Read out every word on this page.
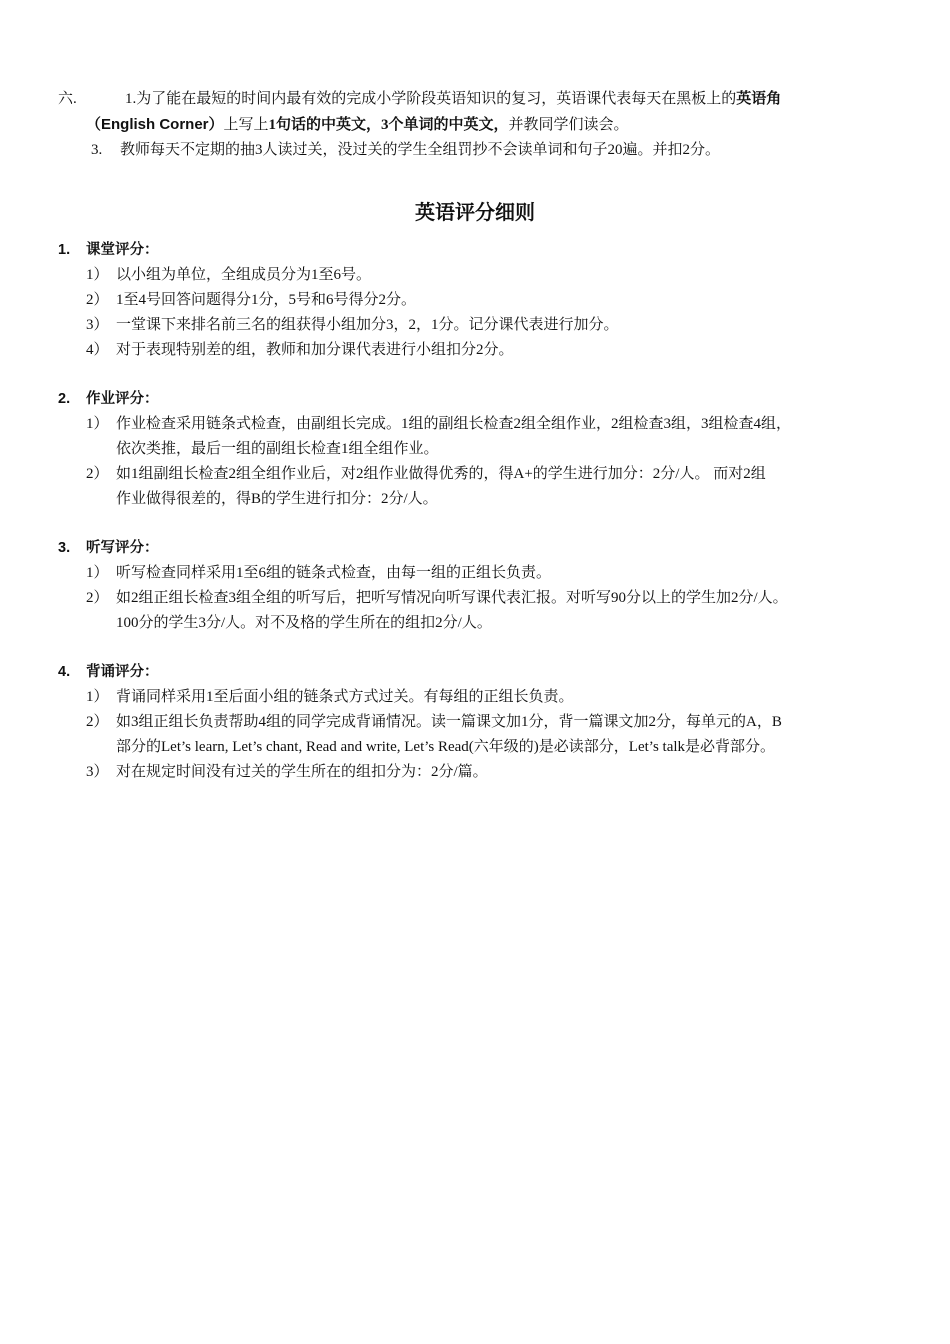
六.	1.为了能在最短的时间内最有效的完成小学阶段英语知识的复习，英语课代表每天在黑板上的英语角
（English Corner）上写上1句话的中英文，3个单词的中英文，并教同学们读会。
3. 教师每天不定期的抽3人读过关，没过关的学生全组罚抄不会读单词和句子20遍。并扣2分。
英语评分细则
1. 课堂评分：
1） 以小组为单位，全组成员分为1至6号。
2） 1至4号回答问题得分1分，5号和6号得分2分。
3） 一堂课下来排名前三名的组获得小组加分3，2，1分。记分课代表进行加分。
4） 对于表现特别差的组，教师和加分课代表进行小组扣分2分。
2. 作业评分：
1） 作业检查采用链条式检查，由副组长完成。1组的副组长检查2组全组作业，2组检查3组，3组检查4组，
依次类推，最后一组的副组长检查1组全组作业。
2） 如1组副组长检查2组全组作业后，对2组作业做得优秀的，得A+的学生进行加分：2分/人。 而对2组
作业做得很差的，得B的学生进行扣分：2分/人。
3. 听写评分：
1） 听写检查同样采用1至6组的链条式检查，由每一组的正组长负责。
2） 如2组正组长检查3组全组的听写后，把听写情况向听写课代表汇报。对听写90分以上的学生加2分/人。
100分的学生3分/人。对不及格的学生所在的组扣2分/人。
4. 背诵评分：
1） 背诵同样采用1至后面小组的链条式方式过关。有每组的正组长负责。
2） 如3组正组长负责帮助4组的同学完成背诵情况。读一篇课文加1分，背一篇课文加2分，每单元的A，B
部分的Let’s learn, Let’s chant, Read and write, Let’s Read(六年级的)是必读部分，Let’s talk是必背部分。
3） 对在规定时间没有过关的学生所在的组扣分为：2分/篇。
